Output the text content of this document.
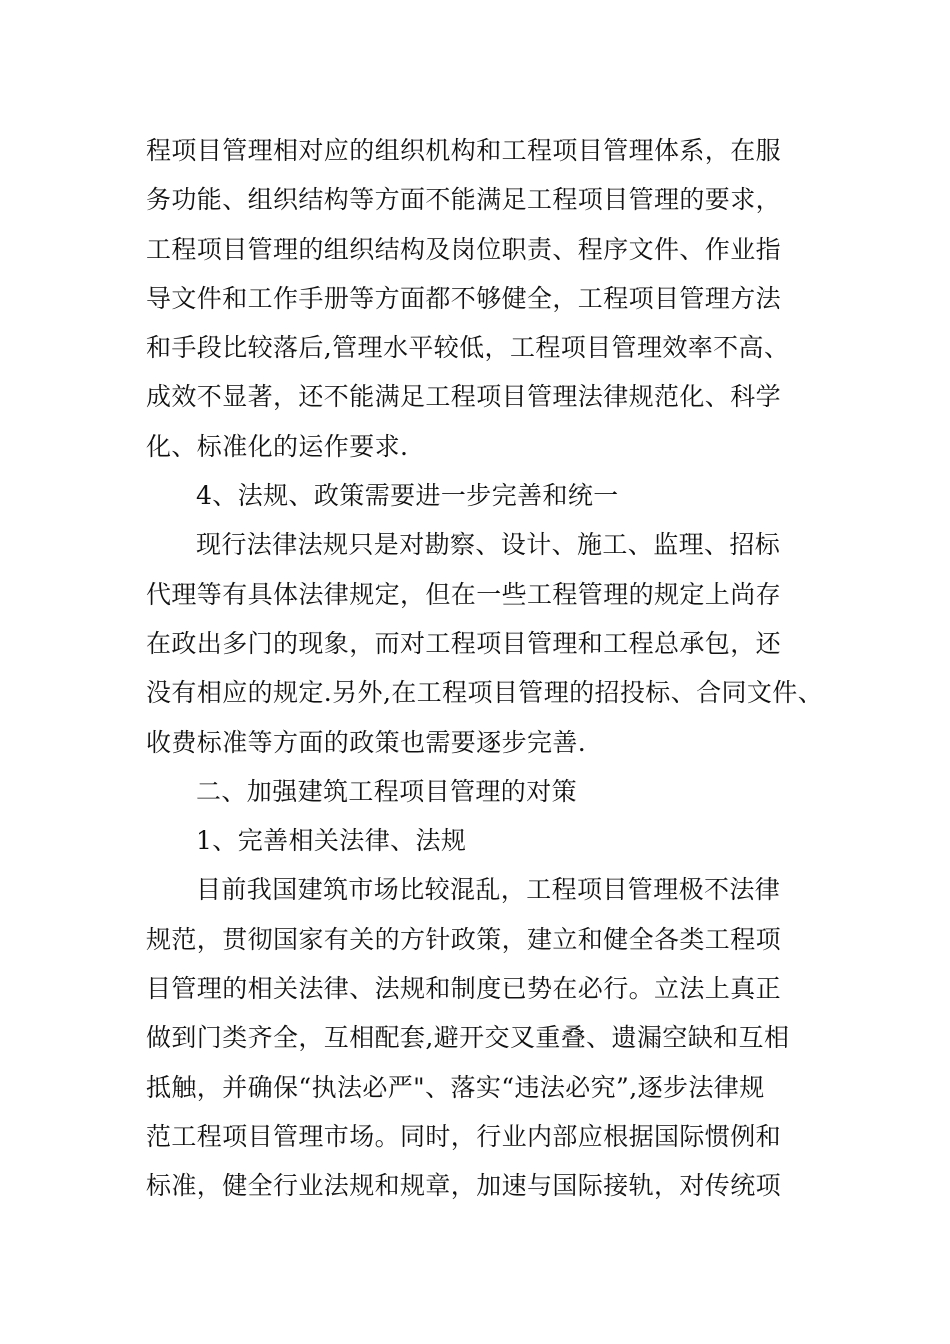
程项目管理相对应的组织机构和工程项目管理体系，在服
务功能、组织结构等方面不能满足工程项目管理的要求，
工程项目管理的组织结构及岗位职责、程序文件、作业指
导文件和工作手册等方面都不够健全，工程项目管理方法
和手段比较落后,管理水平较低，工程项目管理效率不高、
成效不显著，还不能满足工程项目管理法律规范化、科学
化、标准化的运作要求.
4、法规、政策需要进一步完善和统一
现行法律法规只是对勘察、设计、施工、监理、招标
代理等有具体法律规定，但在一些工程管理的规定上尚存
在政出多门的现象，而对工程项目管理和工程总承包，还
没有相应的规定.另外,在工程项目管理的招投标、合同文件、
收费标准等方面的政策也需要逐步完善.
二、加强建筑工程项目管理的对策
1、完善相关法律、法规
目前我国建筑市场比较混乱，工程项目管理极不法律
规范，贯彻国家有关的方针政策，建立和健全各类工程项
目管理的相关法律、法规和制度已势在必行。立法上真正
做到门类齐全，互相配套,避开交叉重叠、遗漏空缺和互相
抵触，并确保“执法必严"、落实“违法必究”,逐步法律规
范工程项目管理市场。同时，行业内部应根据国际惯例和
标准，健全行业法规和规章，加速与国际接轨，对传统项
